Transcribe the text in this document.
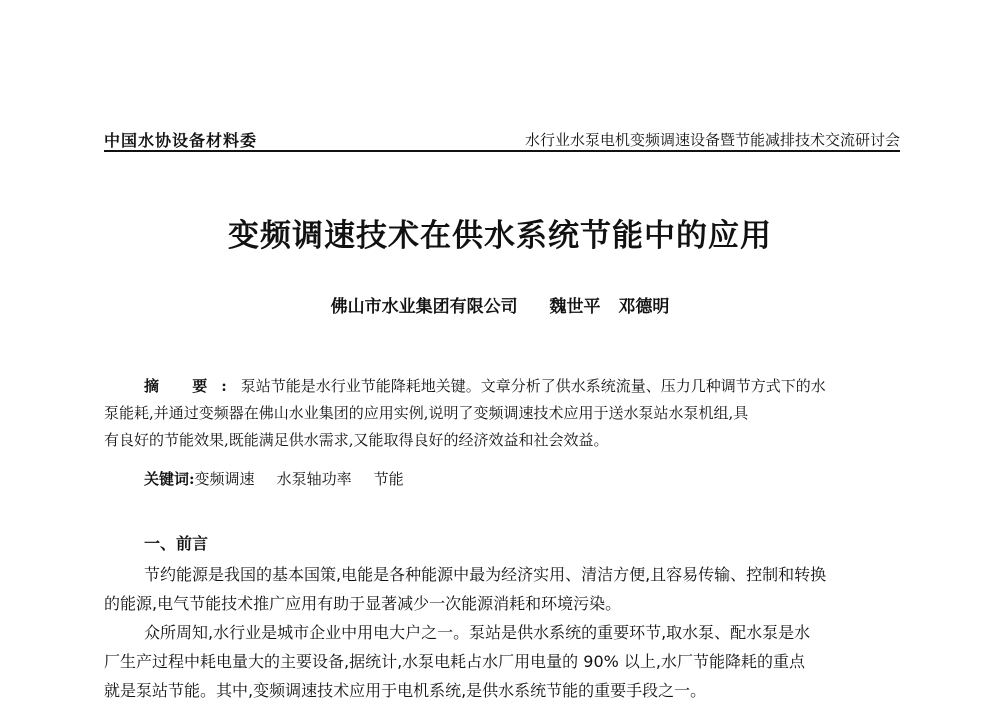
中国水协设备材料委	水行业水泵电机变频调速设备暨节能减排技术交流研讨会
变频调速技术在供水系统节能中的应用
佛山市水业集团有限公司 魏世平 邓德明
摘 要:泵站节能是水行业节能降耗地关键。文章分析了供水系统流量、压力几种调节方式下的水
泵能耗,并通过变频器在佛山水业集团的应用实例,说明了变频调速技术应用于送水泵站水泵机组,具
有良好的节能效果,既能满足供水需求,又能取得良好的经济效益和社会效益。
关键词:变频调速 水泵轴功率 节能
一、前言
节约能源是我国的基本国策,电能是各种能源中最为经济实用、清洁方便,且容易传输、控制和转换
的能源,电气节能技术推广应用有助于显著减少一次能源消耗和环境污染。
众所周知,水行业是城市企业中用电大户之一。泵站是供水系统的重要环节,取水泵、配水泵是水
厂生产过程中耗电量大的主要设备,据统计,水泵电耗占水厂用电量的 90% 以上,水厂节能降耗的重点
就是泵站节能。其中,变频调速技术应用于电机系统,是供水系统节能的重要手段之一。
